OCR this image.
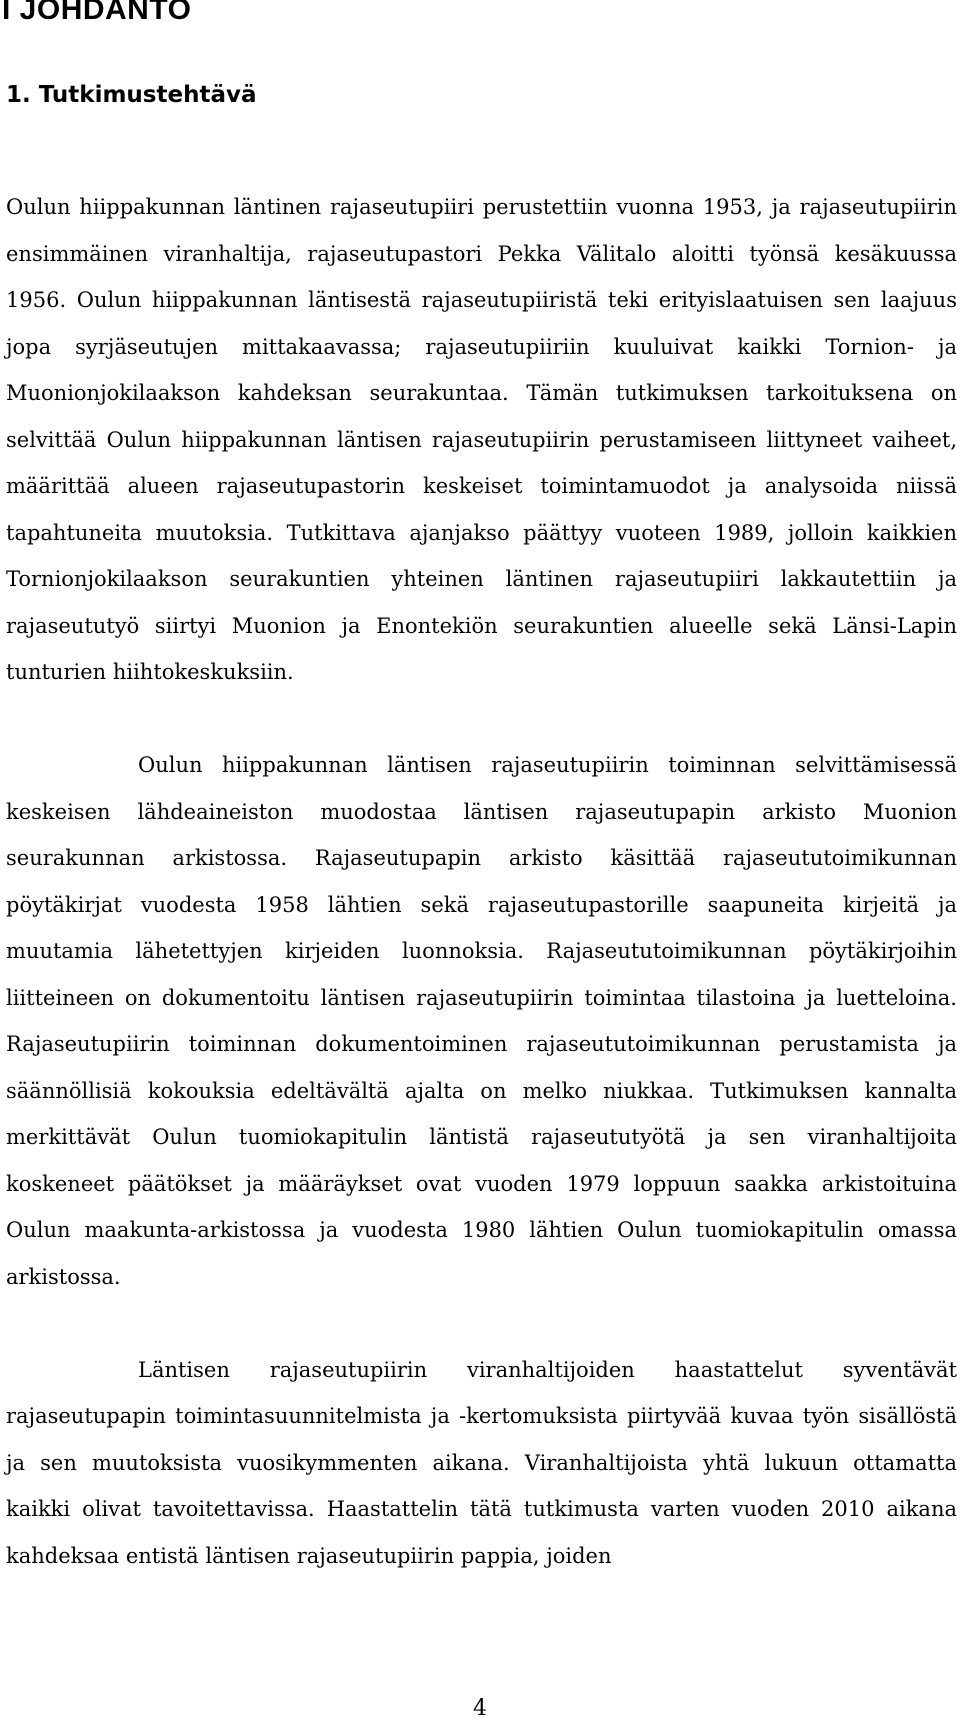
I JOHDANTO
1. Tutkimustehtävä

Oulun hiippakunnan läntinen rajaseutupiiri perustettiin vuonna 1953, ja rajaseutupiirin ensimmäinen viranhaltija, rajaseutupastori Pekka Välitalo aloitti työnsä kesäkuussa 1956. Oulun hiippakunnan läntisestä rajaseutupiiristä teki erityislaatuisen sen laajuus jopa syrjäseutujen mittakaavassa; rajaseutupiiriin kuuluivat kaikki Tornion- ja Muonionjokilaakson kahdeksan seurakuntaa. Tämän tutkimuksen tarkoituksena on selvittää Oulun hiippakunnan läntisen rajaseutupiirin perustamiseen liittyneet vaiheet, määrittää alueen rajaseutupastorin keskeiset toimintamuodot ja analysoida niissä tapahtuneita muutoksia. Tutkittava ajanjakso päättyy vuoteen 1989, jolloin kaikkien Tornionjokilaakson seurakuntien yhteinen läntinen rajaseutupiiri lakkautettiin ja rajaseututyö siirtyi Muonion ja Enontekiön seurakuntien alueelle sekä Länsi-Lapin tunturien hiihtokeskuksiin.

Oulun hiippakunnan läntisen rajaseutupiirin toiminnan selvittämisessä keskeisen lähdeaineiston muodostaa läntisen rajaseutupapin arkisto Muonion seurakunnan arkistossa. Rajaseutupapin arkisto käsittää rajaseututoimikunnan pöytäkirjat vuodesta 1958 lähtien sekä rajaseutupastorille saapuneita kirjeitä ja muutamia lähetettyjen kirjeiden luonnoksia. Rajaseututoimikunnan pöytäkirjoihin liitteineen on dokumentoitu läntisen rajaseutupiirin toimintaa tilastoina ja luetteloina. Rajaseutupiirin toiminnan dokumentoiminen rajaseututoimikunnan perustamista ja säännöllisiä kokouksia edeltävältä ajalta on melko niukkaa. Tutkimuksen kannalta merkittävät Oulun tuomiokapitulin läntistä rajaseututyötä ja sen viranhaltijoita koskeneet päätökset ja määräykset ovat vuoden 1979 loppuun saakka arkistoituina Oulun maakunta-arkistossa ja vuodesta 1980 lähtien Oulun tuomiokapitulin omassa arkistossa.

Läntisen rajaseutupiirin viranhaltijoiden haastattelut syventävät rajaseutupapin toimintasuunnitelmista ja -kertomuksista piirtyvää kuvaa työn sisällöstä ja sen muutoksista vuosikymmenten aikana. Viranhaltijoista yhtä lukuun ottamatta kaikki olivat tavoitettavissa. Haastattelin tätä tutkimusta varten vuoden 2010 aikana kahdeksaa entistä läntisen rajaseutupiirin pappia, joiden

4
